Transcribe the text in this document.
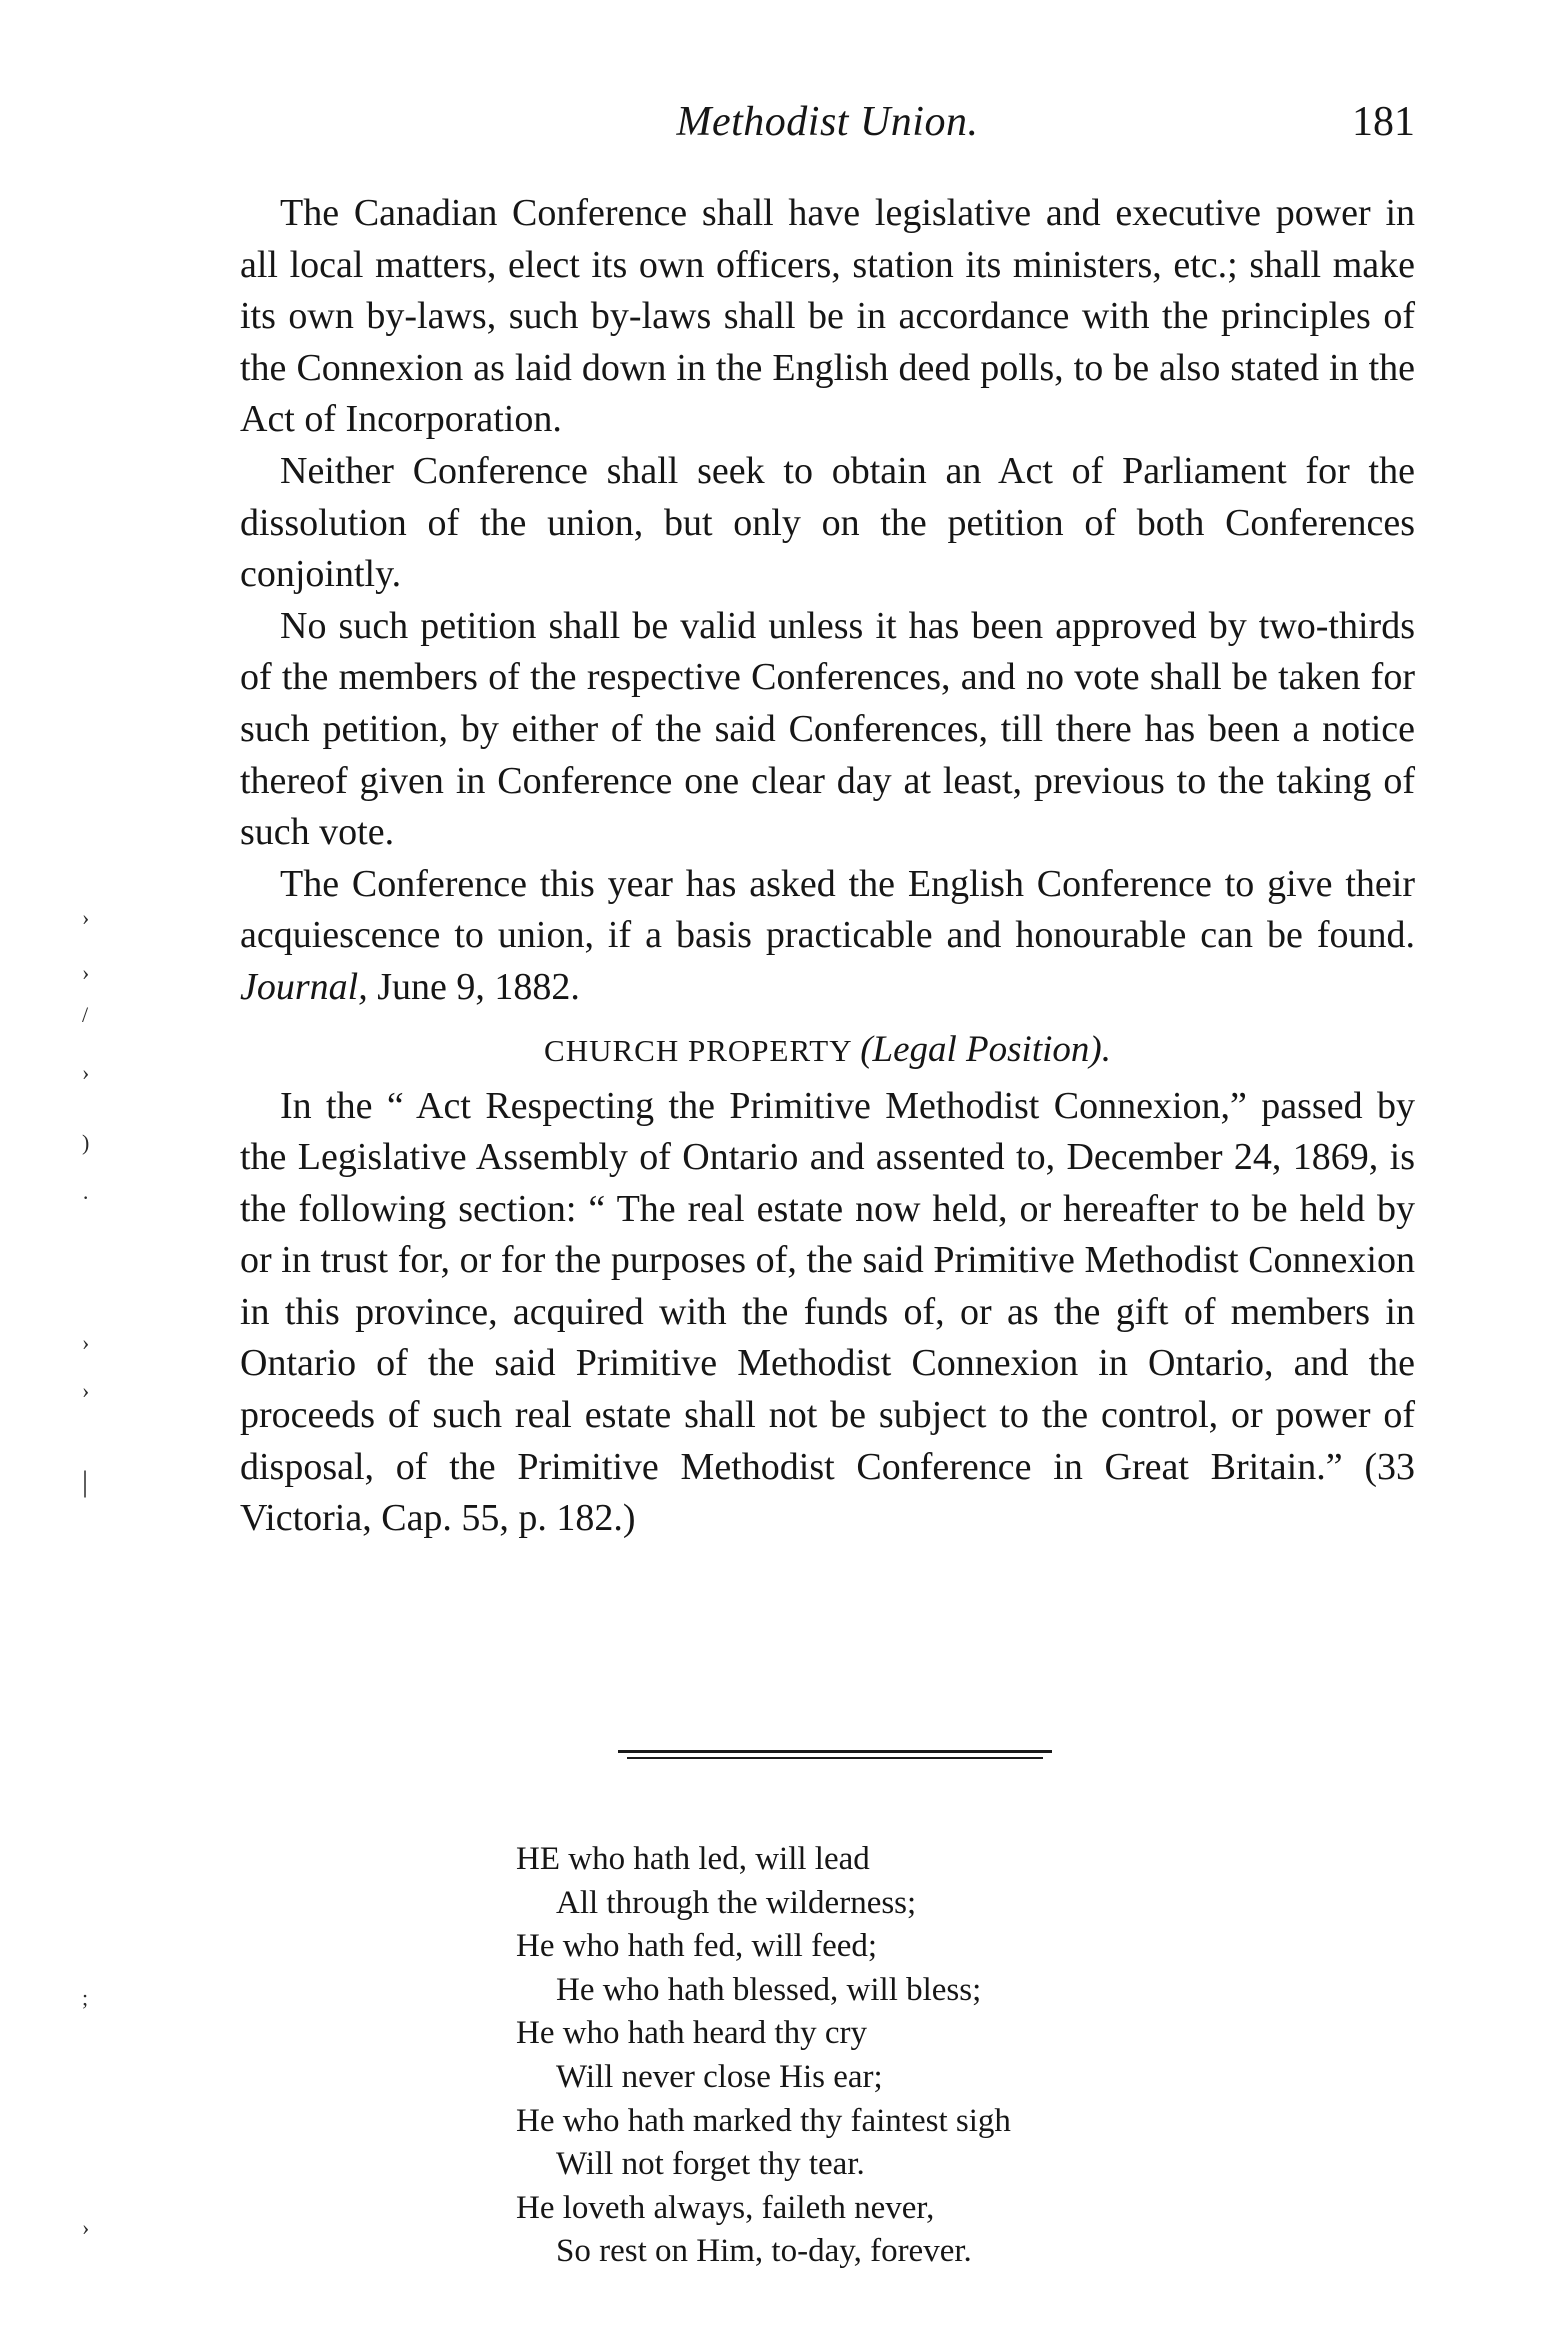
Methodist Union.	181

The Canadian Conference shall have legislative and executive power in all local matters, elect its own officers, station its ministers, etc.; shall make its own by-laws, such by-laws shall be in accordance with the principles of the Connexion as laid down in the English deed polls, to be also stated in the Act of Incorporation.

Neither Conference shall seek to obtain an Act of Parliament for the dissolution of the union, but only on the petition of both Conferences conjointly.

No such petition shall be valid unless it has been approved by two-thirds of the members of the respective Conferences, and no vote shall be taken for such petition, by either of the said Conferences, till there has been a notice thereof given in Conference one clear day at least, previous to the taking of such vote.

The Conference this year has asked the English Conference to give their acquiescence to union, if a basis practicable and honourable can be found. Journal, June 9, 1882.

CHURCH PROPERTY (Legal Position).

In the “ Act Respecting the Primitive Methodist Connexion,” passed by the Legislative Assembly of Ontario and assented to, December 24, 1869, is the following section: “ The real estate now held, or hereafter to be held by or in trust for, or for the purposes of, the said Primitive Methodist Connexion in this province, acquired with the funds of, or as the gift of members in Ontario of the said Primitive Methodist Connexion in Ontario, and the proceeds of such real estate shall not be subject to the control, or power of disposal, of the Primitive Methodist Conference in Great Britain.” (33 Victoria, Cap. 55, p. 182.)

HE who hath led, will lead
All through the wilderness;
He who hath fed, will feed;
He who hath blessed, will bless;
He who hath heard thy cry
Will never close His ear;
He who hath marked thy faintest sigh
Will not forget thy tear.
He loveth always, faileth never,
So rest on Him, to-day, forever.
›
›
/
›
)
·
›
›
|
;
›
